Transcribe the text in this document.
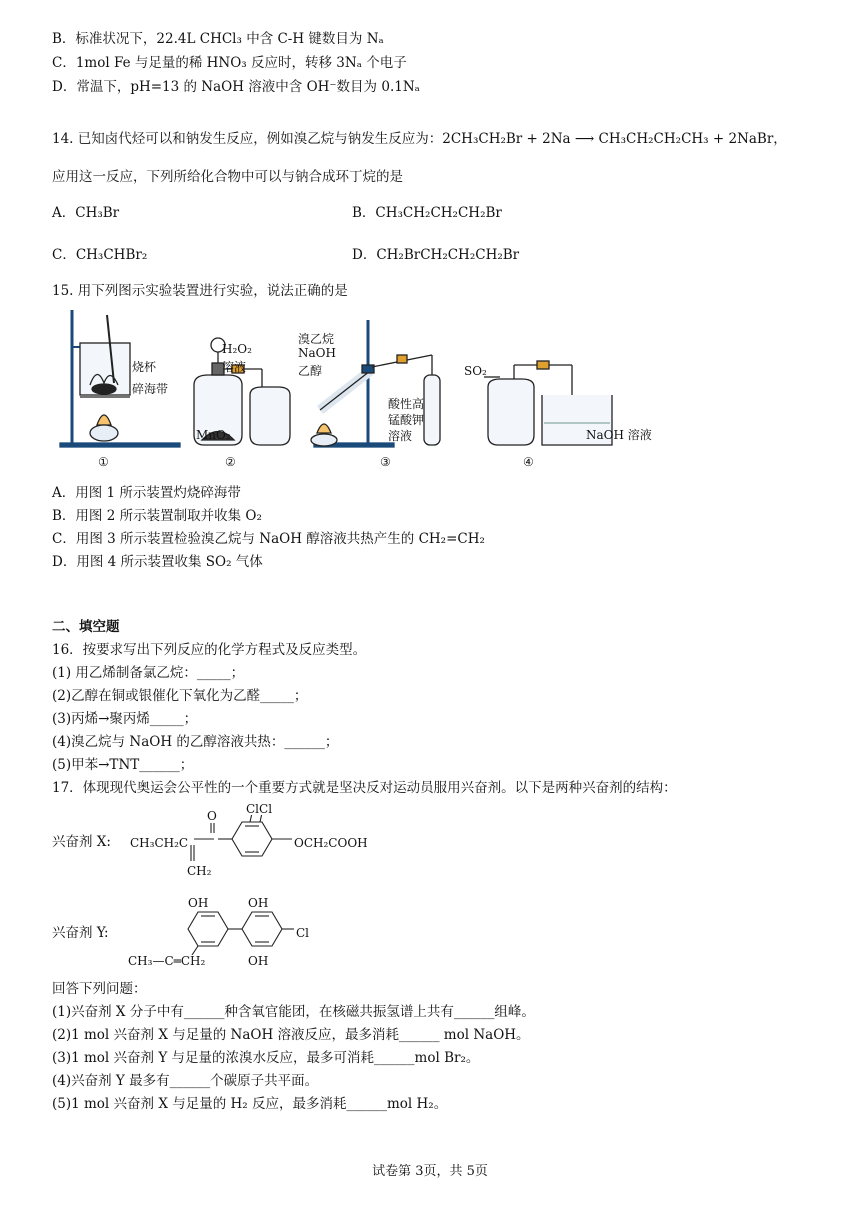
B．标准状况下，22.4L CHCl₃ 中含 C-H 键数目为 Nₐ
C．1mol Fe 与足量的稀 HNO₃ 反应时，转移 3Nₐ 个电子
D．常温下，pH=13 的 NaOH 溶液中含 OH⁻数目为 0.1Nₐ
14. 已知卤代烃可以和钠发生反应，例如溴乙烷与钠发生反应为：2CH₃CH₂Br + 2Na ⟶ CH₃CH₂CH₂CH₃ + 2NaBr，
应用这一反应，下列所给化合物中可以与钠合成环丁烷的是
A．CH₃Br	B．CH₃CH₂CH₂CH₂Br
C．CH₃CHBr₂	D．CH₂BrCH₂CH₂CH₂Br
15. 用下列图示实验装置进行实验，说法正确的是
烧杯
碎海带
①
H₂O₂
溶液
MnO₂
②
溴乙烷
NaOH
乙醇
酸性高
锰酸钾
溶液
③
SO₂
NaOH 溶液
④
A．用图 1 所示装置灼烧碎海带
B．用图 2 所示装置制取并收集 O₂
C．用图 3 所示装置检验溴乙烷与 NaOH 醇溶液共热产生的 CH₂=CH₂
D．用图 4 所示装置收集 SO₂ 气体
二、填空题
16．按要求写出下列反应的化学方程式及反应类型。
(1) 用乙烯制备氯乙烷：_____；
(2)乙醇在铜或银催化下氧化为乙醛_____；
(3)丙烯→聚丙烯_____；
(4)溴乙烷与 NaOH 的乙醇溶液共热：______；
(5)甲苯→TNT______；
17．体现现代奥运会公平性的一个重要方式就是坚决反对运动员服用兴奋剂。以下是两种兴奋剂的结构：
兴奋剂 X: CH₃CH₂C
O
CH₂
ClCl
OCH₂COOH
兴奋剂 Y:
OH	OH
OH
Cl
CH₃—C═CH₂
回答下列问题：
(1)兴奋剂 X 分子中有______种含氧官能团，在核磁共振氢谱上共有______组峰。
(2)1 mol 兴奋剂 X 与足量的 NaOH 溶液反应，最多消耗______ mol NaOH。
(3)1 mol 兴奋剂 Y 与足量的浓溴水反应，最多可消耗______mol Br₂。
(4)兴奋剂 Y 最多有______个碳原子共平面。
(5)1 mol 兴奋剂 X 与足量的 H₂ 反应，最多消耗______mol H₂。
试卷第 3页，共 5页
